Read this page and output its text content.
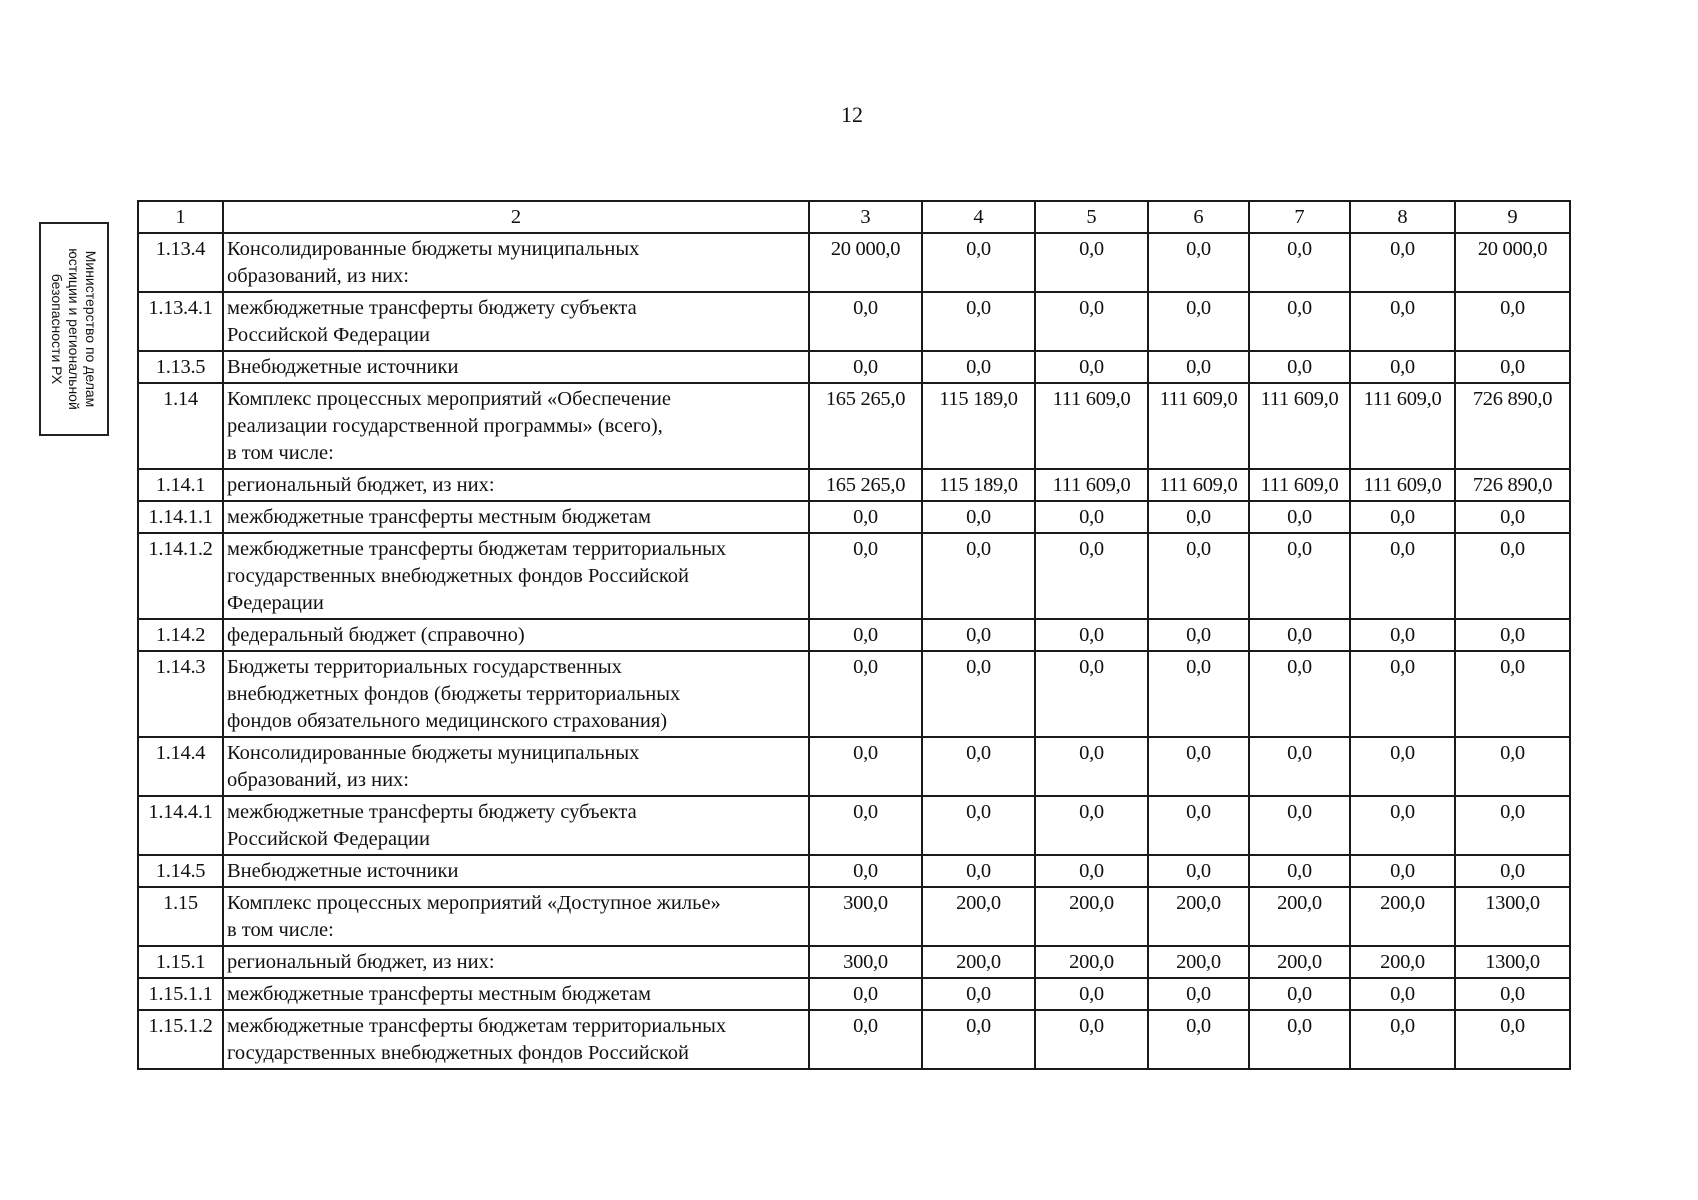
12
Министерство по делам
юстиции и региональной
безопасности РХ
1	2	3	4	5	6	7	8	9
1.13.4	Консолидированные бюджеты муниципальных
образований, из них:	20 000,0	0,0	0,0	0,0	0,0	0,0	20 000,0
1.13.4.1	межбюджетные трансферты бюджету субъекта
Российской Федерации	0,0	0,0	0,0	0,0	0,0	0,0	0,0
1.13.5	Внебюджетные источники	0,0	0,0	0,0	0,0	0,0	0,0	0,0
1.14	Комплекс процессных мероприятий «Обеспечение
реализации государственной программы» (всего),
в том числе:	165 265,0	115 189,0	111 609,0	111 609,0	111 609,0	111 609,0	726 890,0
1.14.1	региональный бюджет, из них:	165 265,0	115 189,0	111 609,0	111 609,0	111 609,0	111 609,0	726 890,0
1.14.1.1	межбюджетные трансферты местным бюджетам	0,0	0,0	0,0	0,0	0,0	0,0	0,0
1.14.1.2	межбюджетные трансферты бюджетам территориальных
государственных внебюджетных фондов Российской
Федерации	0,0	0,0	0,0	0,0	0,0	0,0	0,0
1.14.2	федеральный бюджет (справочно)	0,0	0,0	0,0	0,0	0,0	0,0	0,0
1.14.3	Бюджеты территориальных государственных
внебюджетных фондов (бюджеты территориальных
фондов обязательного медицинского страхования)	0,0	0,0	0,0	0,0	0,0	0,0	0,0
1.14.4	Консолидированные бюджеты муниципальных
образований, из них:	0,0	0,0	0,0	0,0	0,0	0,0	0,0
1.14.4.1	межбюджетные трансферты бюджету субъекта
Российской Федерации	0,0	0,0	0,0	0,0	0,0	0,0	0,0
1.14.5	Внебюджетные источники	0,0	0,0	0,0	0,0	0,0	0,0	0,0
1.15	Комплекс процессных мероприятий «Доступное жилье»
в том числе:	300,0	200,0	200,0	200,0	200,0	200,0	1300,0
1.15.1	региональный бюджет, из них:	300,0	200,0	200,0	200,0	200,0	200,0	1300,0
1.15.1.1	межбюджетные трансферты местным бюджетам	0,0	0,0	0,0	0,0	0,0	0,0	0,0
1.15.1.2	межбюджетные трансферты бюджетам территориальных
государственных внебюджетных фондов Российской	0,0	0,0	0,0	0,0	0,0	0,0	0,0
